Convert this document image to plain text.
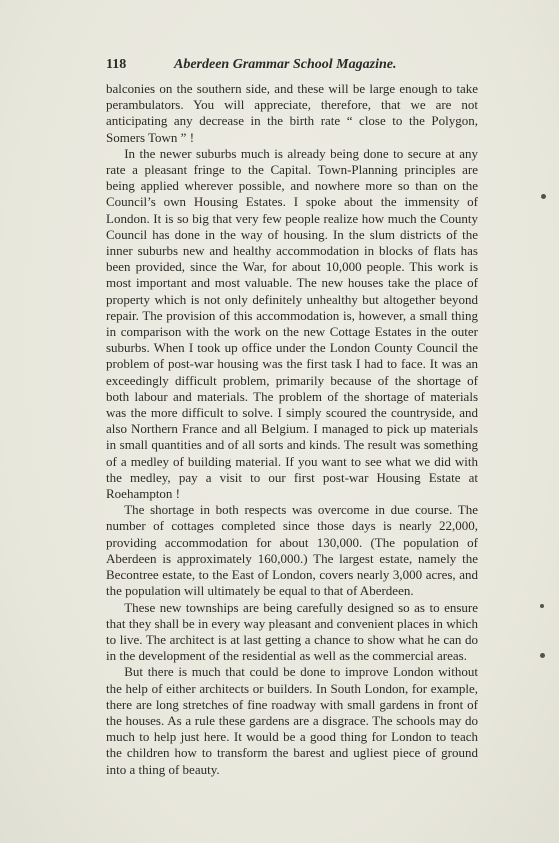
118	Aberdeen Grammar School Magazine.

balconies on the southern side, and these will be large enough to take perambulators. You will appreciate, therefore, that we are not anticipating any decrease in the birth rate “ close to the Polygon, Somers Town ” !

In the newer suburbs much is already being done to secure at any rate a pleasant fringe to the Capital. Town-Planning principles are being applied wherever possible, and nowhere more so than on the Council’s own Housing Estates. I spoke about the immensity of London. It is so big that very few people realize how much the County Council has done in the way of housing. In the slum districts of the inner suburbs new and healthy accommodation in blocks of flats has been provided, since the War, for about 10,000 people. This work is most important and most valuable. The new houses take the place of property which is not only definitely unhealthy but altogether beyond repair. The provision of this accommodation is, however, a small thing in comparison with the work on the new Cottage Estates in the outer suburbs. When I took up office under the London County Council the problem of post-war housing was the first task I had to face. It was an exceedingly difficult problem, primarily because of the shortage of both labour and materials. The problem of the shortage of materials was the more difficult to solve. I simply scoured the countryside, and also Northern France and all Belgium. I managed to pick up materials in small quantities and of all sorts and kinds. The result was something of a medley of building material. If you want to see what we did with the medley, pay a visit to our first post-war Housing Estate at Roehampton !

The shortage in both respects was overcome in due course. The number of cottages completed since those days is nearly 22,000, providing accommodation for about 130,000. (The population of Aberdeen is approximately 160,000.) The largest estate, namely the Becontree estate, to the East of London, covers nearly 3,000 acres, and the population will ultimately be equal to that of Aberdeen.

These new townships are being carefully designed so as to ensure that they shall be in every way pleasant and convenient places in which to live. The architect is at last getting a chance to show what he can do in the development of the residential as well as the commercial areas.

But there is much that could be done to improve London without the help of either architects or builders. In South London, for example, there are long stretches of fine roadway with small gardens in front of the houses. As a rule these gardens are a disgrace. The schools may do much to help just here. It would be a good thing for London to teach the children how to transform the barest and ugliest piece of ground into a thing of beauty.
